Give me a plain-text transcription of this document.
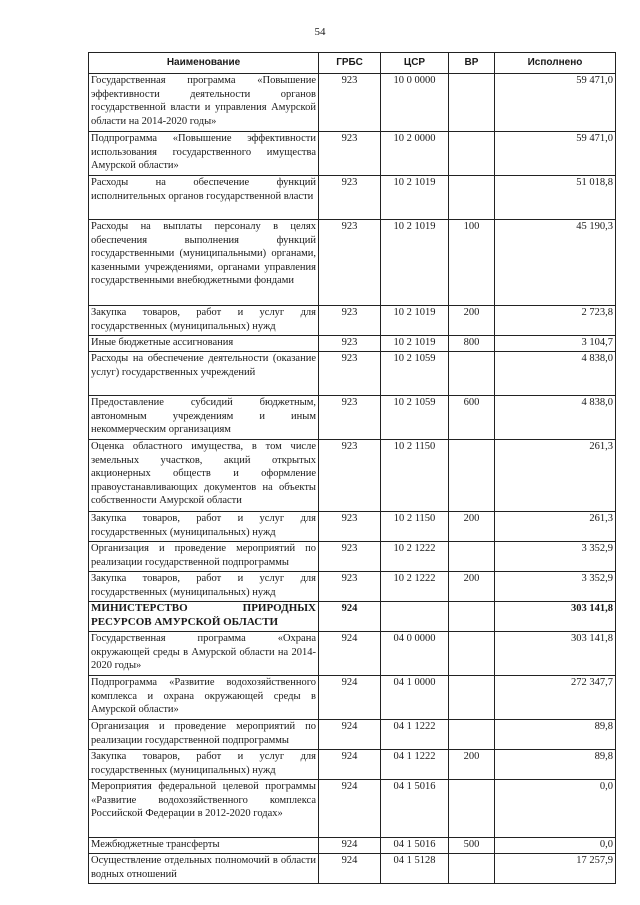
54
Наименование	ГРБС	ЦСР	ВР	Исполнено
Государственная программа «Повышение эффективности деятельности органов государственной власти и управления Амурской области на 2014-2020 годы»	923	10 0 0000		59 471,0
Подпрограмма «Повышение эффективности использования государственного имущества Амурской области»	923	10 2 0000		59 471,0
Расходы на обеспечение функций исполнительных органов государственной власти	923	10 2 1019		51 018,8
Расходы на выплаты персоналу в целях обеспечения выполнения функций государственными (муниципальными) органами, казенными учреждениями, органами управления государственными внебюджетными фондами	923	10 2 1019	100	45 190,3
Закупка товаров, работ и услуг для государственных (муниципальных) нужд	923	10 2 1019	200	2 723,8
Иные бюджетные ассигнования	923	10 2 1019	800	3 104,7
Расходы на обеспечение деятельности (оказание услуг) государственных учреждений	923	10 2 1059		4 838,0
Предоставление субсидий бюджетным, автономным учреждениям и иным некоммерческим организациям	923	10 2 1059	600	4 838,0
Оценка областного имущества, в том числе земельных участков, акций открытых акционерных обществ и оформление правоустанавливающих документов на объекты собственности Амурской области	923	10 2 1150		261,3
Закупка товаров, работ и услуг для государственных (муниципальных) нужд	923	10 2 1150	200	261,3
Организация и проведение мероприятий по реализации государственной подпрограммы	923	10 2 1222		3 352,9
Закупка товаров, работ и услуг для государственных (муниципальных) нужд	923	10 2 1222	200	3 352,9
МИНИСТЕРСТВО ПРИРОДНЫХ РЕСУРСОВ АМУРСКОЙ ОБЛАСТИ	924			303 141,8
Государственная программа «Охрана окружающей среды в Амурской области на 2014-2020 годы»	924	04 0 0000		303 141,8
Подпрограмма «Развитие водохозяйственного комплекса и охрана окружающей среды в Амурской области»	924	04 1 0000		272 347,7
Организация и проведение мероприятий по реализации государственной подпрограммы	924	04 1 1222		89,8
Закупка товаров, работ и услуг для государственных (муниципальных) нужд	924	04 1 1222	200	89,8
Мероприятия федеральной целевой программы «Развитие водохозяйственного комплекса Российской Федерации в 2012-2020 годах»	924	04 1 5016		0,0
Межбюджетные трансферты	924	04 1 5016	500	0,0
Осуществление отдельных полномочий в области водных отношений	924	04 1 5128		17 257,9
